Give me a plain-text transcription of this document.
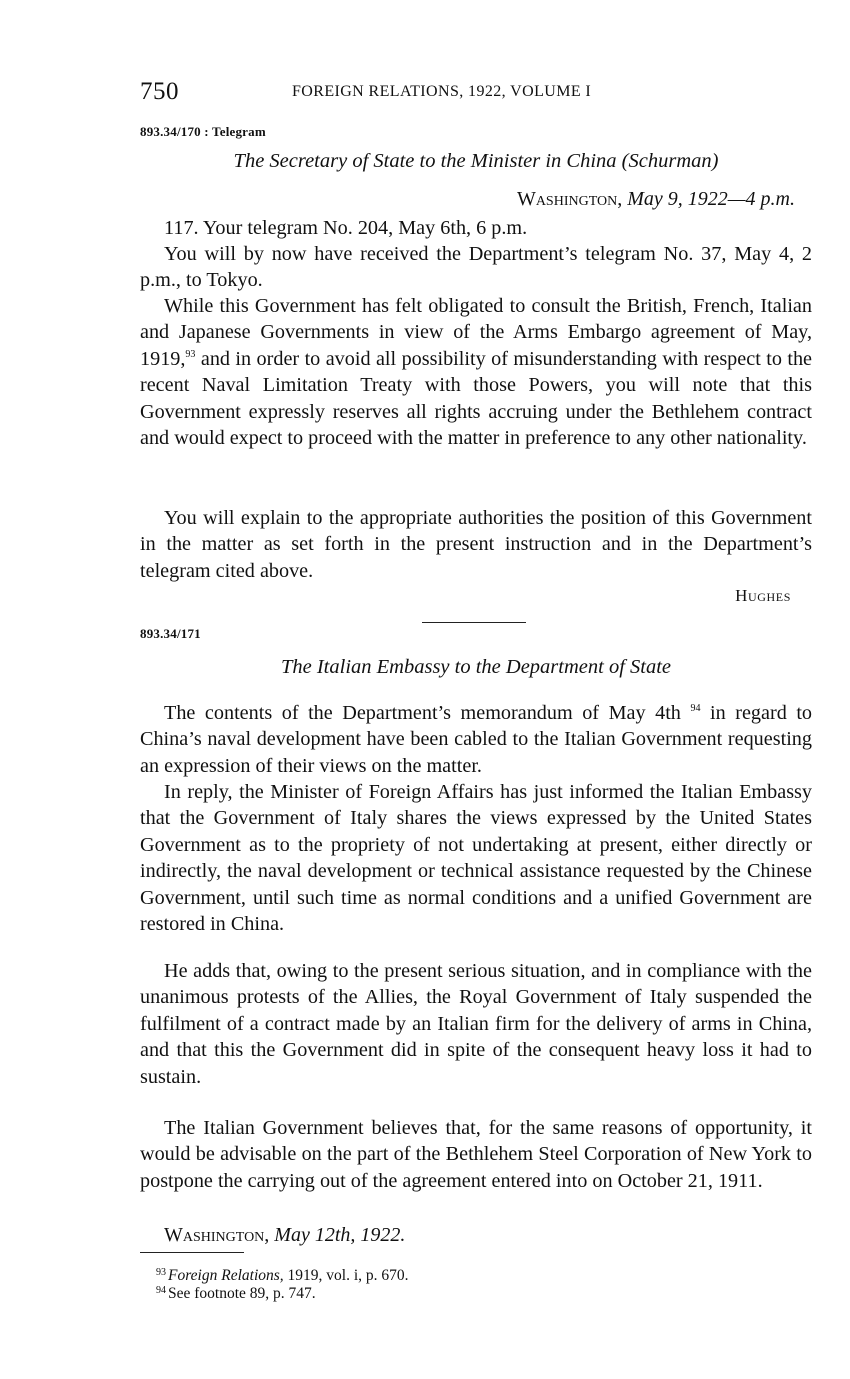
750	FOREIGN RELATIONS, 1922, VOLUME I
893.34/170 : Telegram
The Secretary of State to the Minister in China (Schurman)
Washington, May 9, 1922—4 p.m.

117. Your telegram No. 204, May 6th, 6 p.m.

You will by now have received the Department’s telegram No. 37, May 4, 2 p.m., to Tokyo.

While this Government has felt obligated to consult the British, French, Italian and Japanese Governments in view of the Arms Embargo agreement of May, 1919,93 and in order to avoid all possibility of misunderstanding with respect to the recent Naval Limitation Treaty with those Powers, you will note that this Government expressly reserves all rights accruing under the Bethlehem contract and would expect to proceed with the matter in preference to any other nationality.

You will explain to the appropriate authorities the position of this Government in the matter as set forth in the present instruction and in the Department’s telegram cited above.

Hughes
893.34/171
The Italian Embassy to the Department of State

The contents of the Department’s memorandum of May 4th $^{94}$ in regard to China’s naval development have been cabled to the Italian Government requesting an expression of their views on the matter.

In reply, the Minister of Foreign Affairs has just informed the Italian Embassy that the Government of Italy shares the views expressed by the United States Government as to the propriety of not undertaking at present, either directly or indirectly, the naval development or technical assistance requested by the Chinese Government, until such time as normal conditions and a unified Government are restored in China.

He adds that, owing to the present serious situation, and in compliance with the unanimous protests of the Allies, the Royal Government of Italy suspended the fulfilment of a contract made by an Italian firm for the delivery of arms in China, and that this the Government did in spite of the consequent heavy loss it had to sustain.

The Italian Government believes that, for the same reasons of opportunity, it would be advisable on the part of the Bethlehem Steel Corporation of New York to postpone the carrying out of the agreement entered into on October 21, 1911.

Washington, May 12th, 1922.
$^{93}$ Foreign Relations, 1919, vol. i, p. 670.
$^{94}$ See footnote 89, p. 747.
